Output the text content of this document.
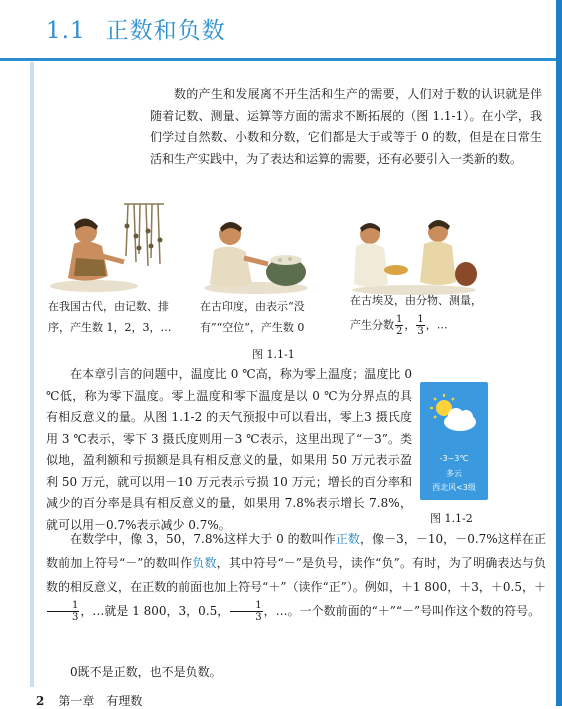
1.1 正数和负数

数的产生和发展离不开生活和生产的需要，人们对于数的认识就是伴随着记数、测量、运算等方面的需求不断拓展的（图 1.1-1）。在小学，我们学过自然数、小数和分数，它们都是大于或等于 0 的数，但是在日常生活和生产实践中，为了表达和运算的需要，还有必要引入一类新的数。

在我国古代，由记数、排
序，产生数 1，2，3，…
在古印度，由表示“没
有”“空位”，产生数 0
在古埃及，由分物、测量，
产生分数 $\frac{1}{2}$ ， $\frac{1}{3}$ ，…
图 1.1-1

在本章引言的问题中，温度比 0 ℃高，称为零上温度；温度比 0 ℃低，称为零下温度。零上温度和零下温度是以 0 ℃为分界点的具有相反意义的量。从图 1.1-2 的天气预报中可以看出，零上3 摄氏度用 3 ℃表示，零下 3 摄氏度则用－3 ℃表示，这里出现了“－3”。类似地，盈利额和亏损额是具有相反意义的量，如果用 50 万元表示盈利 50 万元，就可以用－10 万元表示亏损 10 万元；增长的百分率和减少的百分率是具有相反意义的量，如果用 7.8%表示增长 7.8%，就可以用－0.7%表示减少 0.7%。

-3~3℃
多云
西北风<3级
图 1.1-2

在数学中，像 3，50，7.8%这样大于 0 的数叫作正数，像－3，－10，－0.7%这样在正数前加上符号“－”的数叫作负数，其中符号“－”是负号，读作“负”。有时，为了明确表达与负数的相反意义，在正数的前面也加上符号“＋”（读作“正”）。例如，＋1 800，＋3，＋0.5，＋
$\frac{1}{3}$ ，…就是 1 800，3，0.5， $\frac{1}{3}$ ，…。一个数前面的“＋”“－”号叫作这个数的符号。

0既不是正数，也不是负数。

2 第一章　有理数
